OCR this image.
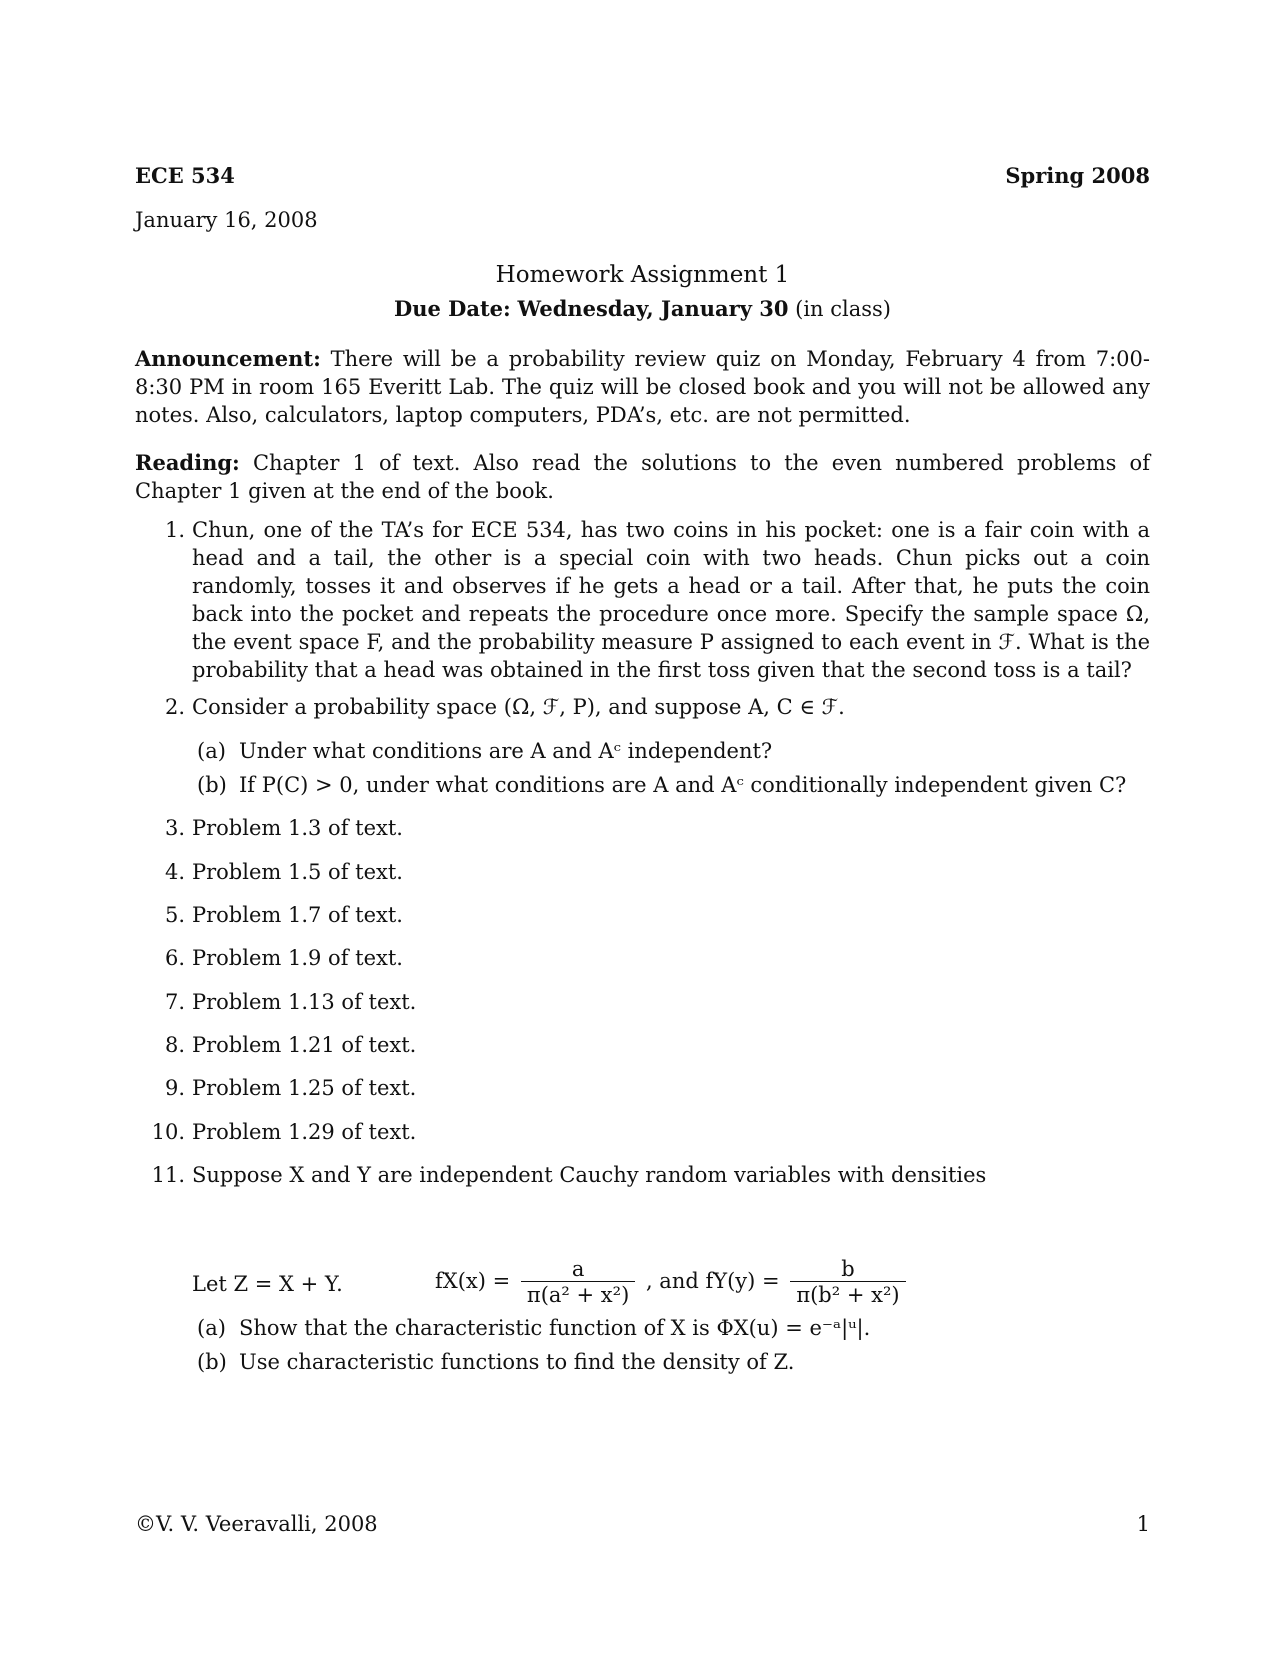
ECE 534	Spring 2008
January 16, 2008
Homework Assignment 1
Due Date: Wednesday, January 30 (in class)
Announcement: There will be a probability review quiz on Monday, February 4 from 7:00-8:30 PM in room 165 Everitt Lab. The quiz will be closed book and you will not be allowed any notes. Also, calculators, laptop computers, PDA’s, etc. are not permitted.
Reading: Chapter 1 of text. Also read the solutions to the even numbered problems of Chapter 1 given at the end of the book.
1. Chun, one of the TA’s for ECE 534, has two coins in his pocket: one is a fair coin with a head and a tail, the other is a special coin with two heads. Chun picks out a coin randomly, tosses it and observes if he gets a head or a tail. After that, he puts the coin back into the pocket and repeats the procedure once more. Specify the sample space Ω, the event space F, and the probability measure P assigned to each event in ℱ. What is the probability that a head was obtained in the first toss given that the second toss is a tail?
2. Consider a probability space (Ω, ℱ, P), and suppose A, C ∈ ℱ.
(a) Under what conditions are A and Aᶜ independent?
(b) If P(C) > 0, under what conditions are A and Aᶜ conditionally independent given C?
3. Problem 1.3 of text.
4. Problem 1.5 of text.
5. Problem 1.7 of text.
6. Problem 1.9 of text.
7. Problem 1.13 of text.
8. Problem 1.21 of text.
9. Problem 1.25 of text.
10. Problem 1.29 of text.
11. Suppose X and Y are independent Cauchy random variables with densities
$fX(x) = \frac{a}{\text{π(a² + x²)}}$ , and $fY(y) = \frac{b}{\text{π(b² + x²)}}$
Let Z = X + Y.
(a) Show that the characteristic function of X is ΦX(u) = e⁻ᵃ|ᵘ|.
(b) Use characteristic functions to find the density of Z.
©V. V. Veeravalli, 2008	1
